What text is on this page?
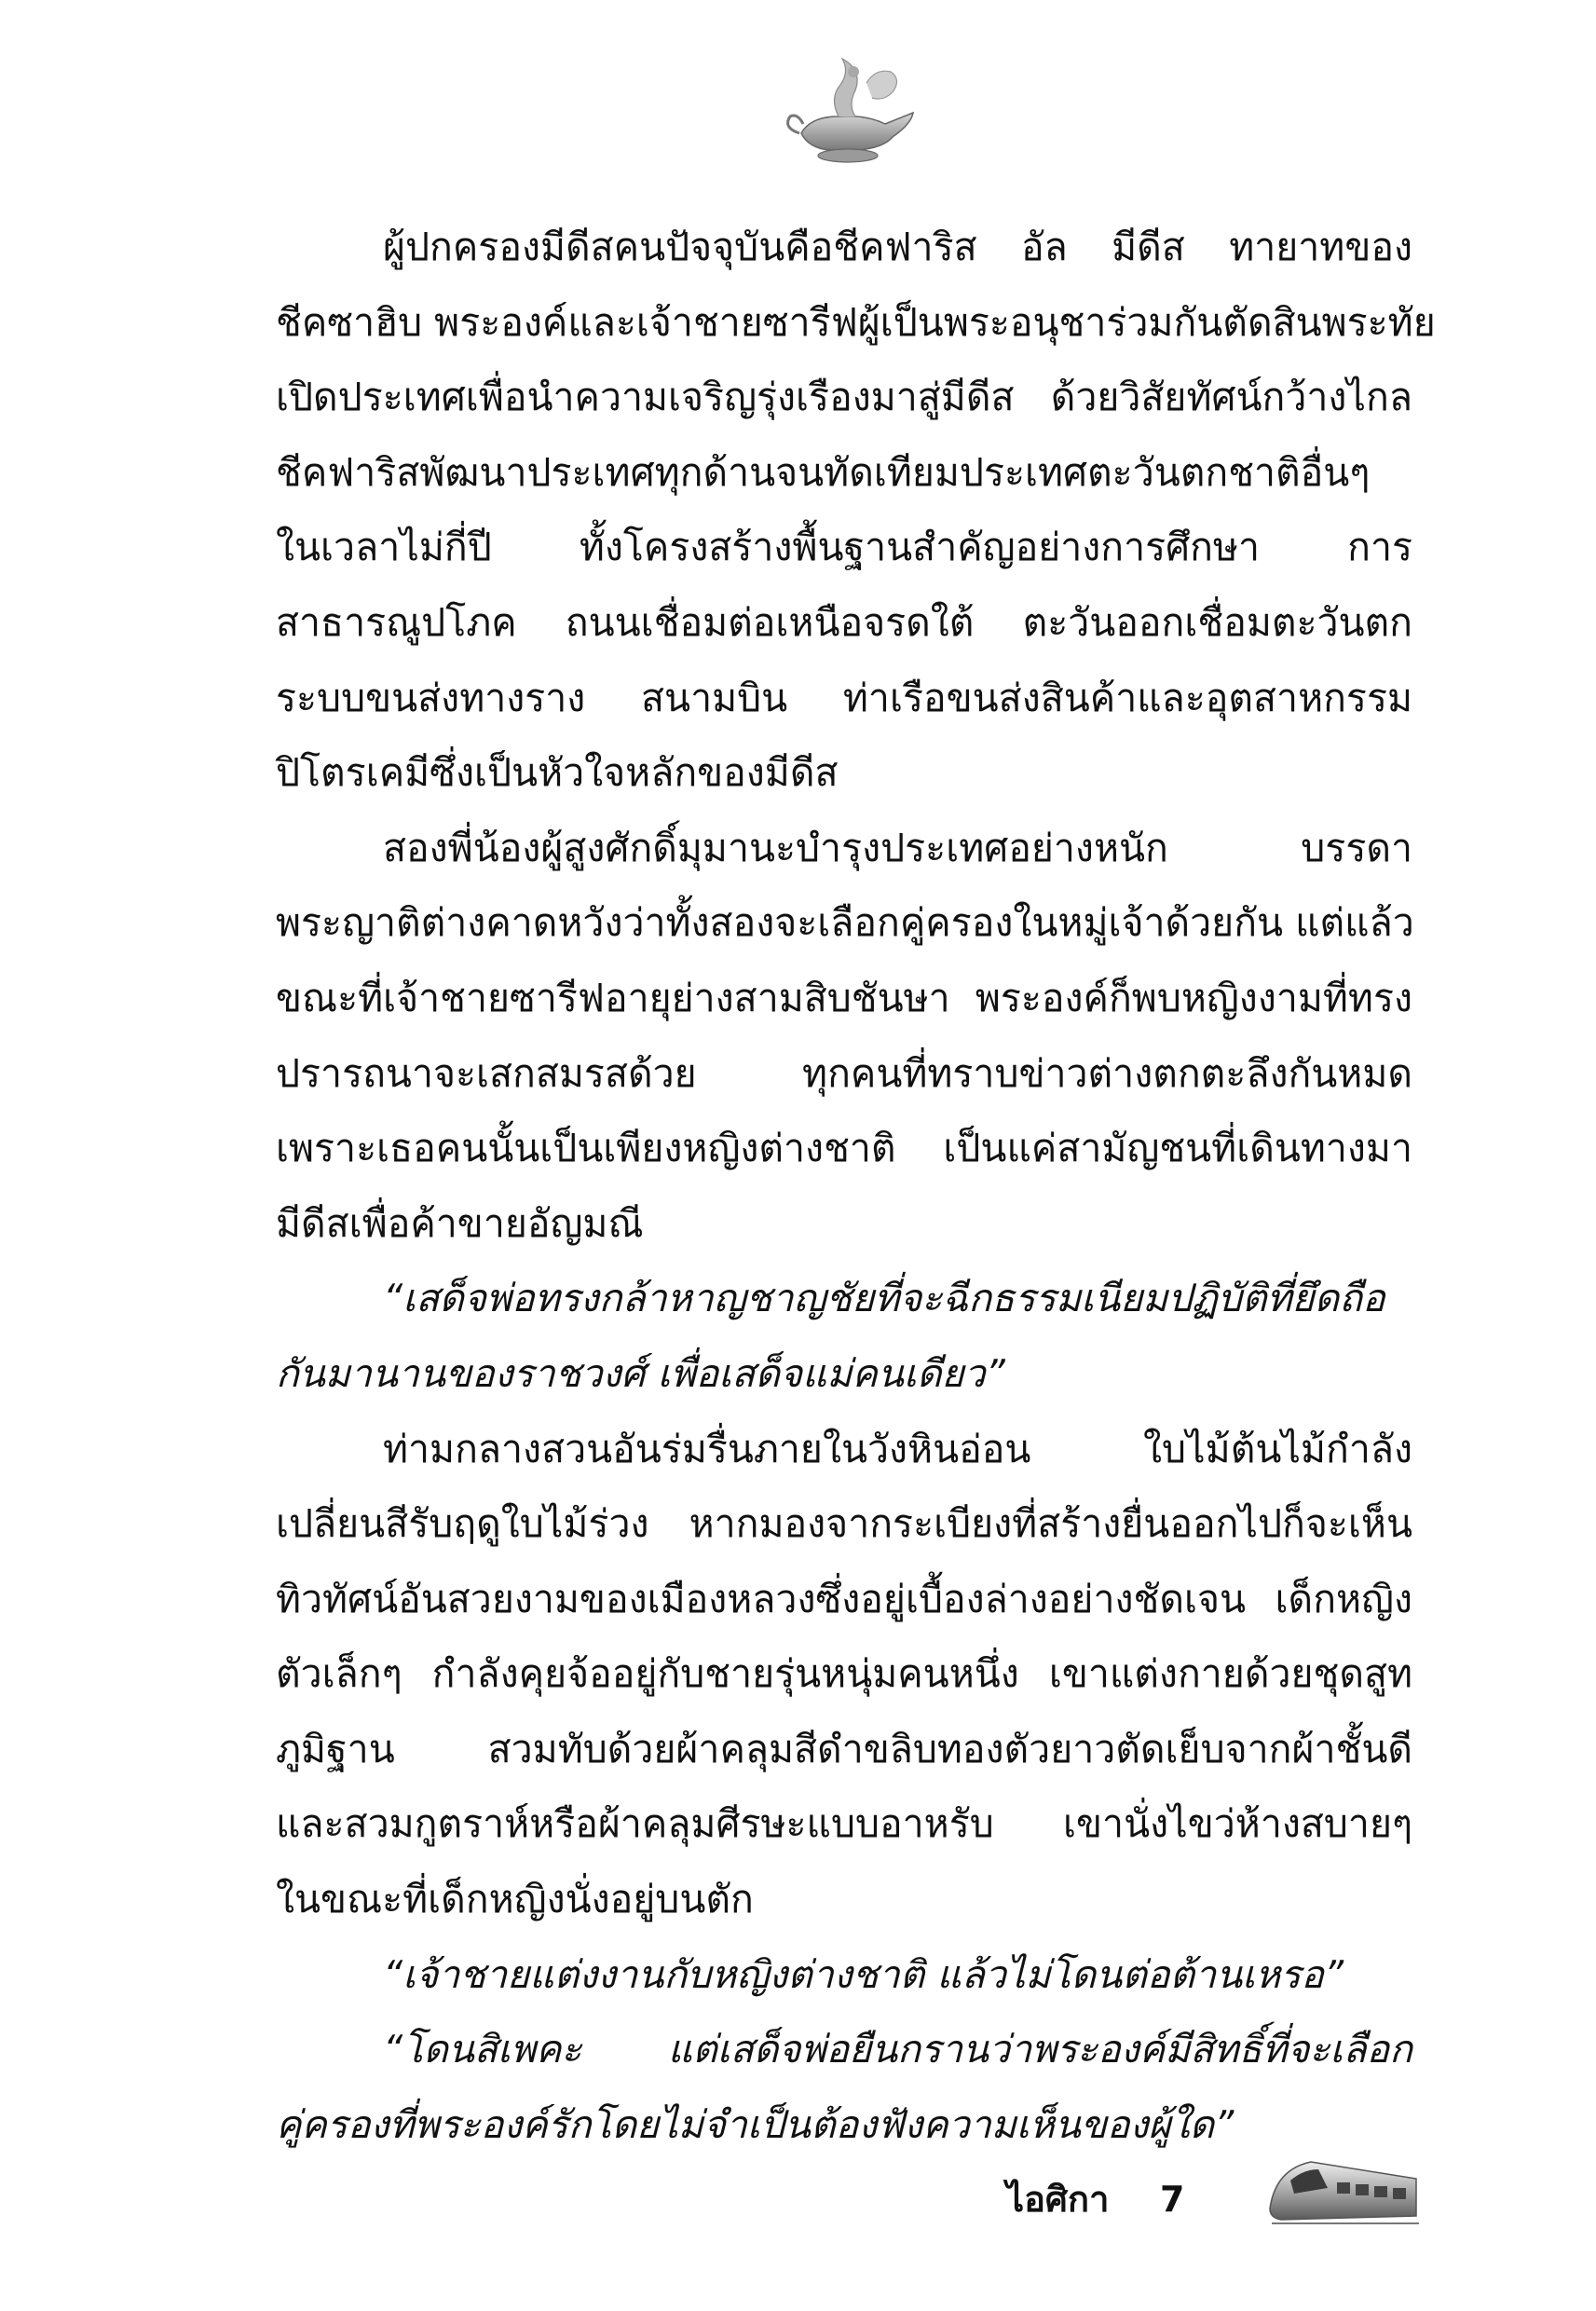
ผู้ปกครองมีดีสคนปัจจุบันคือชีคฟาริส อัล มีดีส ทายาทของ
ชีคซาฮิบ พระองค์และเจ้าชายซารีฟผู้เป็นพระอนุชาร่วมกันตัดสินพระทัย
เปิดประเทศเพื่อนำความเจริญรุ่งเรืองมาสู่มีดีส ด้วยวิสัยทัศน์กว้างไกล
ชีคฟาริสพัฒนาประเทศทุกด้านจนทัดเทียมประเทศตะวันตกชาติอื่นๆ
ในเวลาไม่กี่ปี ทั้งโครงสร้างพื้นฐานสำคัญอย่างการศึกษา การ
สาธารณูปโภค ถนนเชื่อมต่อเหนือจรดใต้ ตะวันออกเชื่อมตะวันตก
ระบบขนส่งทางราง สนามบิน ท่าเรือขนส่งสินค้าและอุตสาหกรรม
ปิโตรเคมีซึ่งเป็นหัวใจหลักของมีดีส
สองพี่น้องผู้สูงศักดิ์มุมานะบำรุงประเทศอย่างหนัก บรรดา
พระญาติต่างคาดหวังว่าทั้งสองจะเลือกคู่ครองในหมู่เจ้าด้วยกัน แต่แล้ว
ขณะที่เจ้าชายซารีฟอายุย่างสามสิบชันษา พระองค์ก็พบหญิงงามที่ทรง
ปรารถนาจะเสกสมรสด้วย ทุกคนที่ทราบข่าวต่างตกตะลึงกันหมด
เพราะเธอคนนั้นเป็นเพียงหญิงต่างชาติ เป็นแค่สามัญชนที่เดินทางมา
มีดีสเพื่อค้าขายอัญมณี
“เสด็จพ่อทรงกล้าหาญชาญชัยที่จะฉีกธรรมเนียมปฏิบัติที่ยึดถือ
กันมานานของราชวงศ์ เพื่อเสด็จแม่คนเดียว”
ท่ามกลางสวนอันร่มรื่นภายในวังหินอ่อน ใบไม้ต้นไม้กำลัง
เปลี่ยนสีรับฤดูใบไม้ร่วง หากมองจากระเบียงที่สร้างยื่นออกไปก็จะเห็น
ทิวทัศน์อันสวยงามของเมืองหลวงซึ่งอยู่เบื้องล่างอย่างชัดเจน เด็กหญิง
ตัวเล็กๆ กำลังคุยจ้ออยู่กับชายรุ่นหนุ่มคนหนึ่ง เขาแต่งกายด้วยชุดสูท
ภูมิฐาน สวมทับด้วยผ้าคลุมสีดำขลิบทองตัวยาวตัดเย็บจากผ้าชั้นดี
และสวมกูตราห์หรือผ้าคลุมศีรษะแบบอาหรับ เขานั่งไขว่ห้างสบายๆ
ในขณะที่เด็กหญิงนั่งอยู่บนตัก
“เจ้าชายแต่งงานกับหญิงต่างชาติ แล้วไม่โดนต่อต้านเหรอ”
“โดนสิเพคะ แต่เสด็จพ่อยืนกรานว่าพระองค์มีสิทธิ์ที่จะเลือก
คู่ครองที่พระองค์รักโดยไม่จำเป็นต้องฟังความเห็นของผู้ใด”
ไอศิกา 7
